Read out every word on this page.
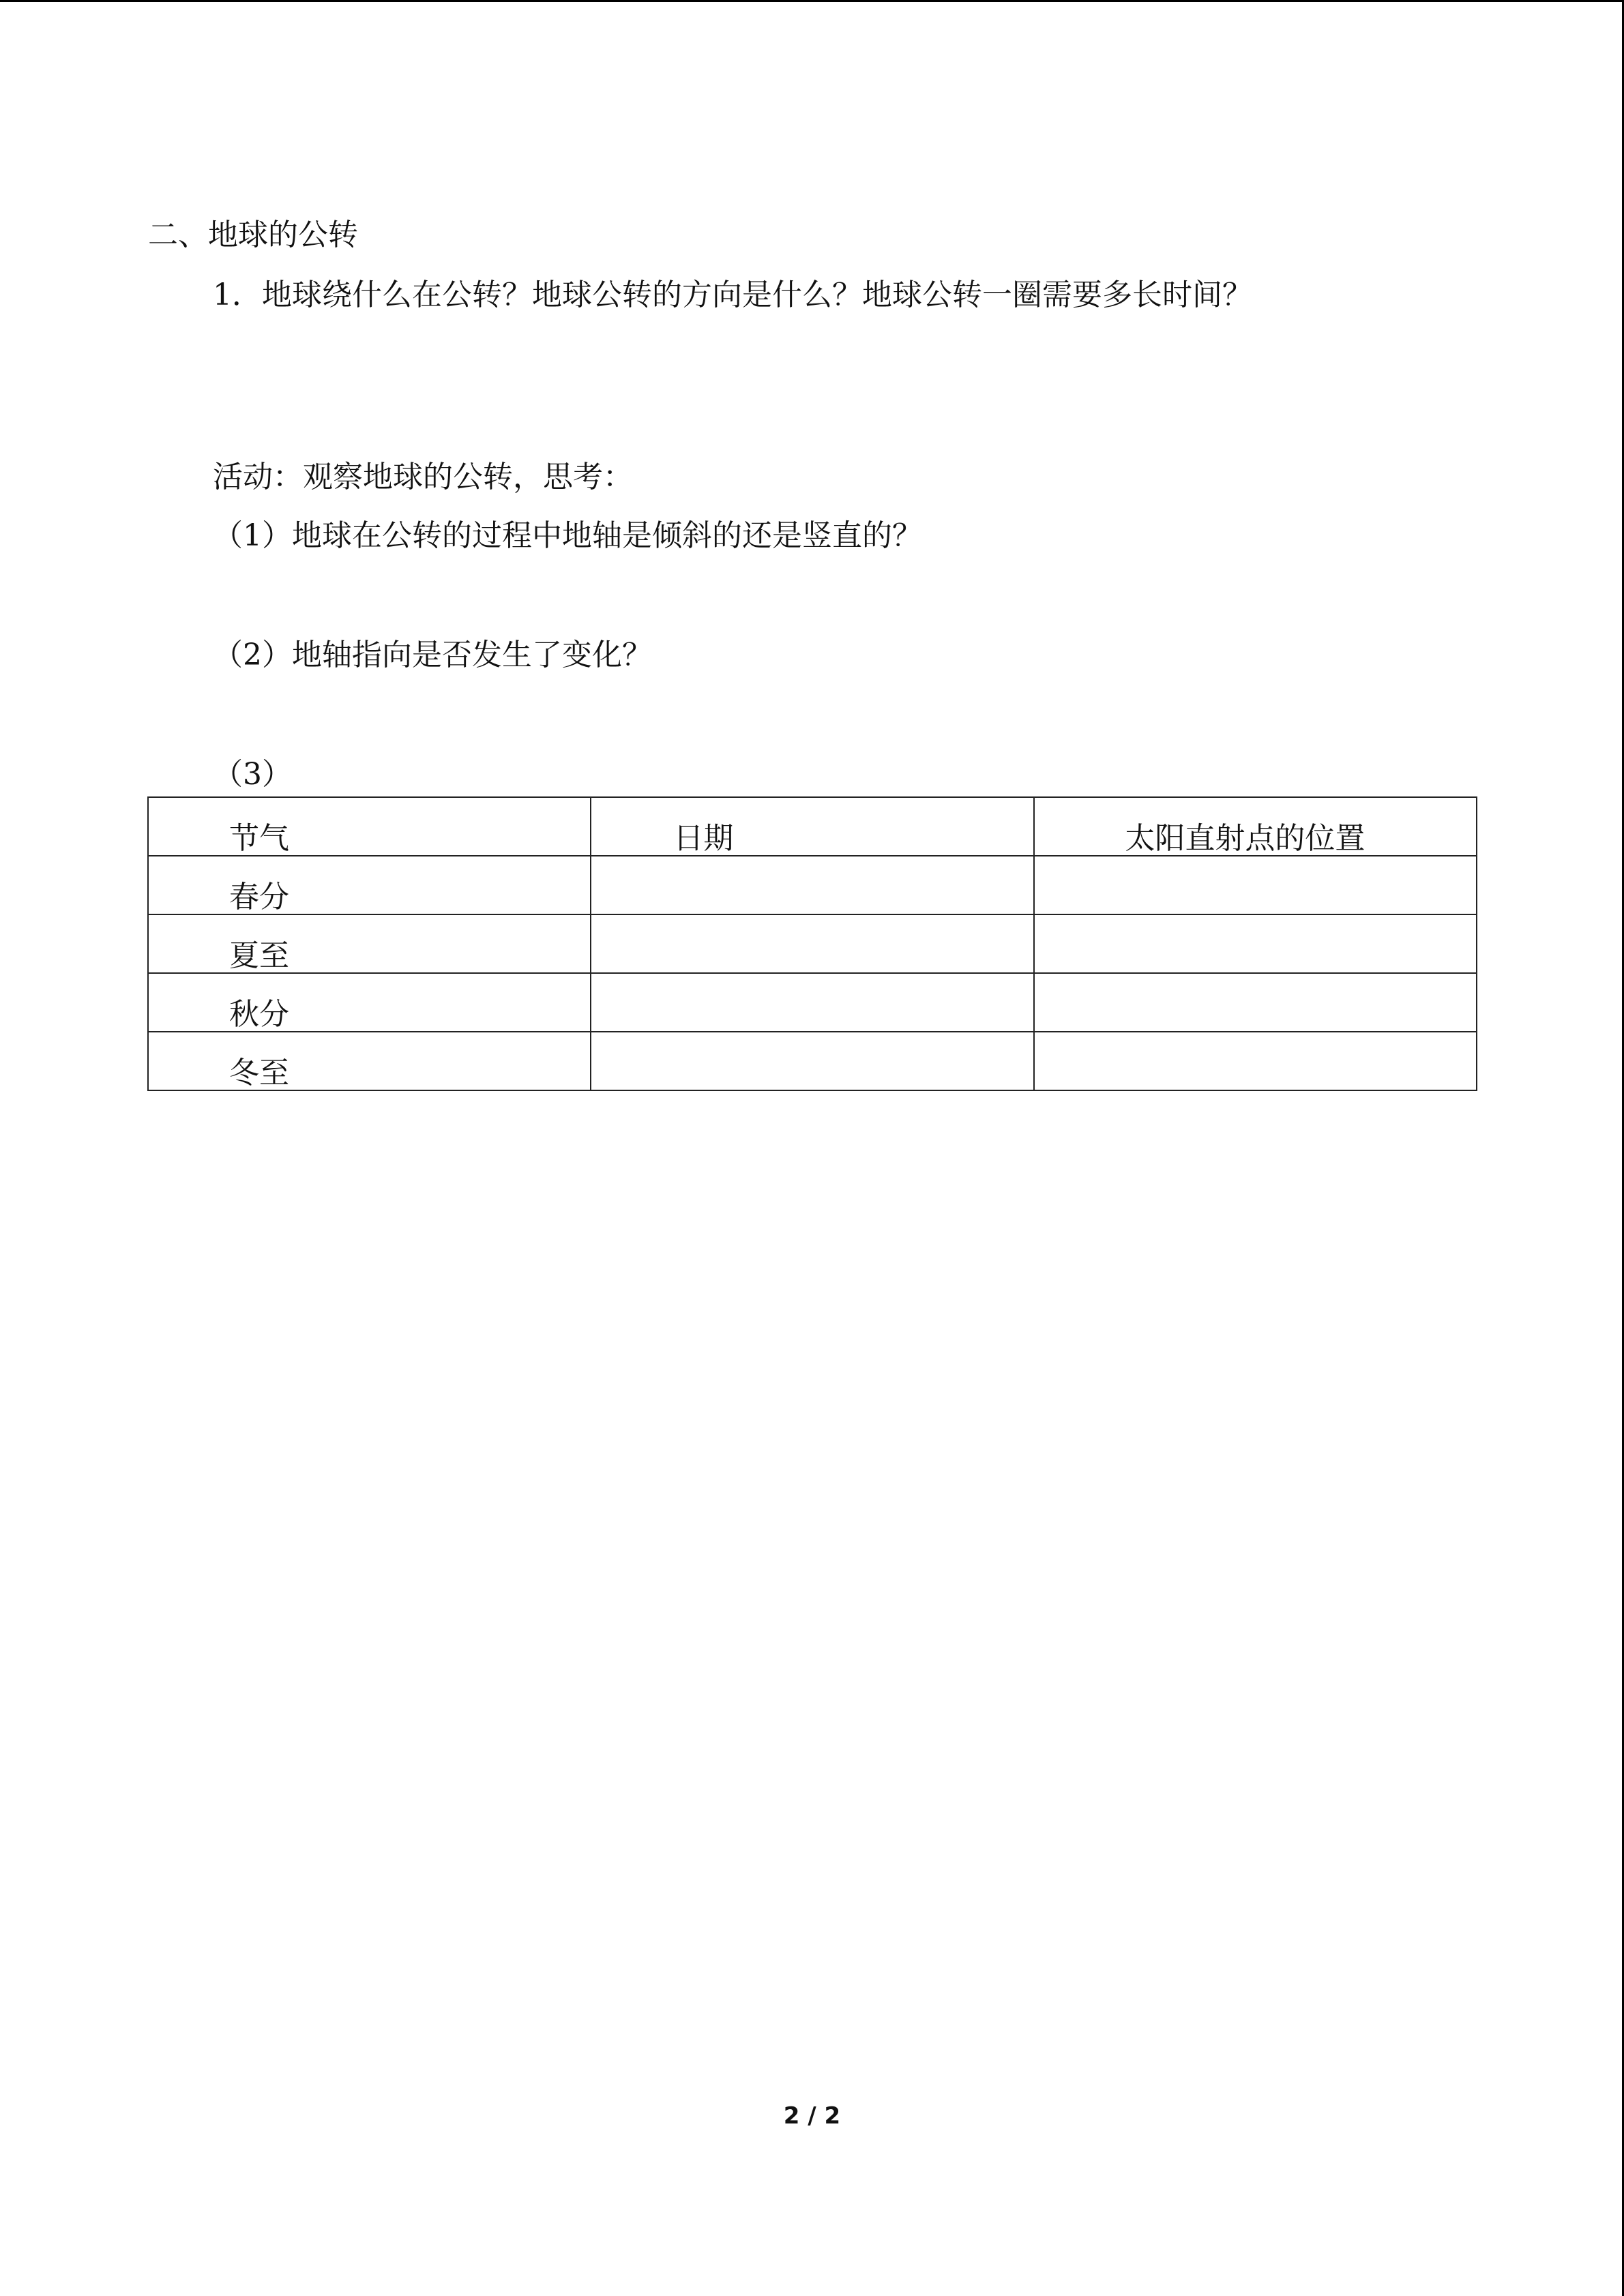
二、地球的公转
1．地球绕什么在公转？地球公转的方向是什么？地球公转一圈需要多长时间？
活动：观察地球的公转，思考：
（1）地球在公转的过程中地轴是倾斜的还是竖直的？
（2）地轴指向是否发生了变化？
（3）
节气	日期	太阳直射点的位置
春分		
夏至		
秋分		
冬至		
2 / 2
